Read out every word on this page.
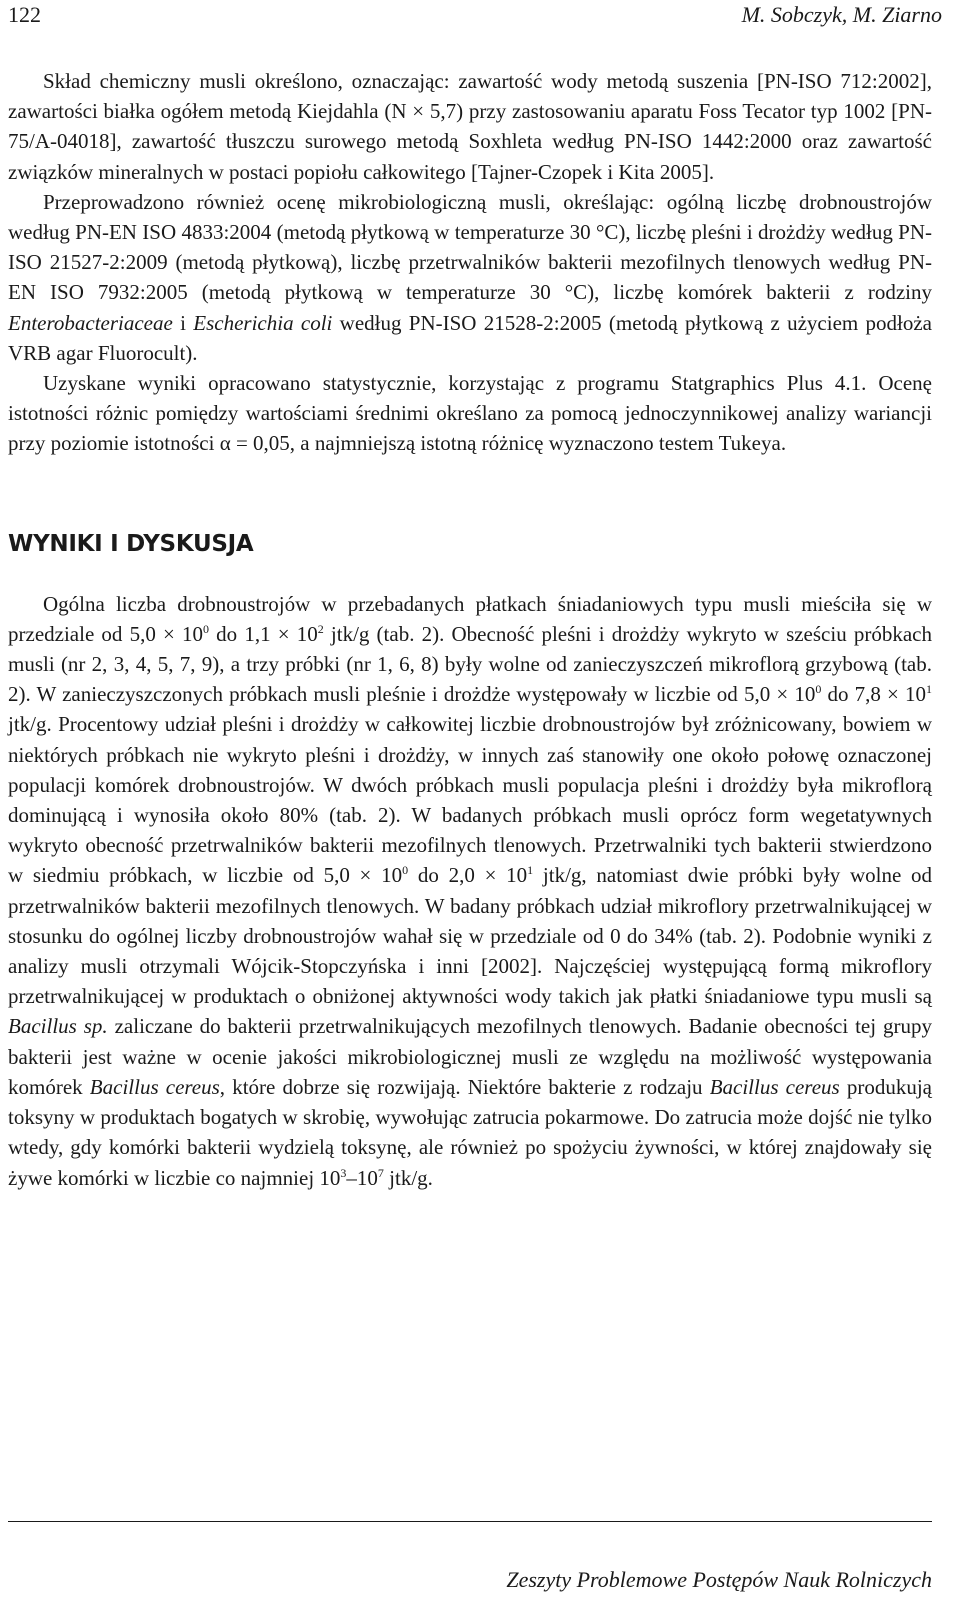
122	M. Sobczyk, M. Ziarno

Skład chemiczny musli określono, oznaczając: zawartość wody metodą suszenia [PN-ISO 712:2002], zawartości białka ogółem metodą Kiejdahla (N × 5,7) przy zastosowaniu aparatu Foss Tecator typ 1002 [PN-75/A-04018], zawartość tłuszczu surowego metodą Soxhleta według PN-ISO 1442:2000 oraz zawartość związków mineralnych w postaci popiołu całkowitego [Tajner-Czopek i Kita 2005].

Przeprowadzono również ocenę mikrobiologiczną musli, określając: ogólną liczbę drobnoustrojów według PN-EN ISO 4833:2004 (metodą płytkową w temperaturze 30 °C), liczbę pleśni i drożdży według PN-ISO 21527-2:2009 (metodą płytkową), liczbę przetrwalników bakterii mezofilnych tlenowych według PN-EN ISO 7932:2005 (metodą płytkową w temperaturze 30 °C), liczbę komórek bakterii z rodziny Enterobacteriaceae i Escherichia coli według PN-ISO 21528-2:2005 (metodą płytkową z użyciem podłoża VRB agar Fluorocult).

Uzyskane wyniki opracowano statystycznie, korzystając z programu Statgraphics Plus 4.1. Ocenę istotności różnic pomiędzy wartościami średnimi określano za pomocą jednoczynnikowej analizy wariancji przy poziomie istotności α = 0,05, a najmniejszą istotną różnicę wyznaczono testem Tukeya.

WYNIKI I DYSKUSJA

Ogólna liczba drobnoustrojów w przebadanych płatkach śniadaniowych typu musli mieściła się w przedziale od $5,0 \times 10^0$ do $1,1 \times 10^2$ jtk/g (tab. 2). Obecność pleśni i drożdży wykryto w sześciu próbkach musli (nr 2, 3, 4, 5, 7, 9), a trzy próbki (nr 1, 6, 8) były wolne od zanieczyszczeń mikroflorą grzybową (tab. 2). W zanieczyszczonych próbkach musli pleśnie i drożdże występowały w liczbie od $5,0 \times 10^0$ do $7,8 \times 10^1$ jtk/g. Procentowy udział pleśni i drożdży w całkowitej liczbie drobnoustrojów był zróżnicowany, bowiem w niektórych próbkach nie wykryto pleśni i drożdży, w innych zaś stanowiły one około połowę oznaczonej populacji komórek drobnoustrojów. W dwóch próbkach musli populacja pleśni i drożdży była mikroflorą dominującą i wynosiła około 80% (tab. 2). W badanych próbkach musli oprócz form wegetatywnych wykryto obecność przetrwalników bakterii mezofilnych tlenowych. Przetrwalniki tych bakterii stwierdzono w siedmiu próbkach, w liczbie od $5,0 \times 10^0$ do $2,0 \times 10^1$ jtk/g, natomiast dwie próbki były wolne od przetrwalników bakterii mezofilnych tlenowych. W badany próbkach udział mikroflory przetrwalnikującej w stosunku do ogólnej liczby drobnoustrojów wahał się w przedziale od 0 do 34% (tab. 2). Podobnie wyniki z analizy musli otrzymali Wójcik-Stopczyńska i inni [2002]. Najczęściej występującą formą mikroflory przetrwalnikującej w produktach o obniżonej aktywności wody takich jak płatki śniadaniowe typu musli są Bacillus sp. zaliczane do bakterii przetrwalnikujących mezofilnych tlenowych. Badanie obecności tej grupy bakterii jest ważne w ocenie jakości mikrobiologicznej musli ze względu na możliwość występowania komórek Bacillus cereus, które dobrze się rozwijają. Niektóre bakterie z rodzaju Bacillus cereus produkują toksyny w produktach bogatych w skrobię, wywołując zatrucia pokarmowe. Do zatrucia może dojść nie tylko wtedy, gdy komórki bakterii wydzielą toksynę, ale również po spożyciu żywności, w której znajdowały się żywe komórki w liczbie co najmniej $10^3-10^7$ jtk/g.

Zeszyty Problemowe Postępów Nauk Rolniczych
